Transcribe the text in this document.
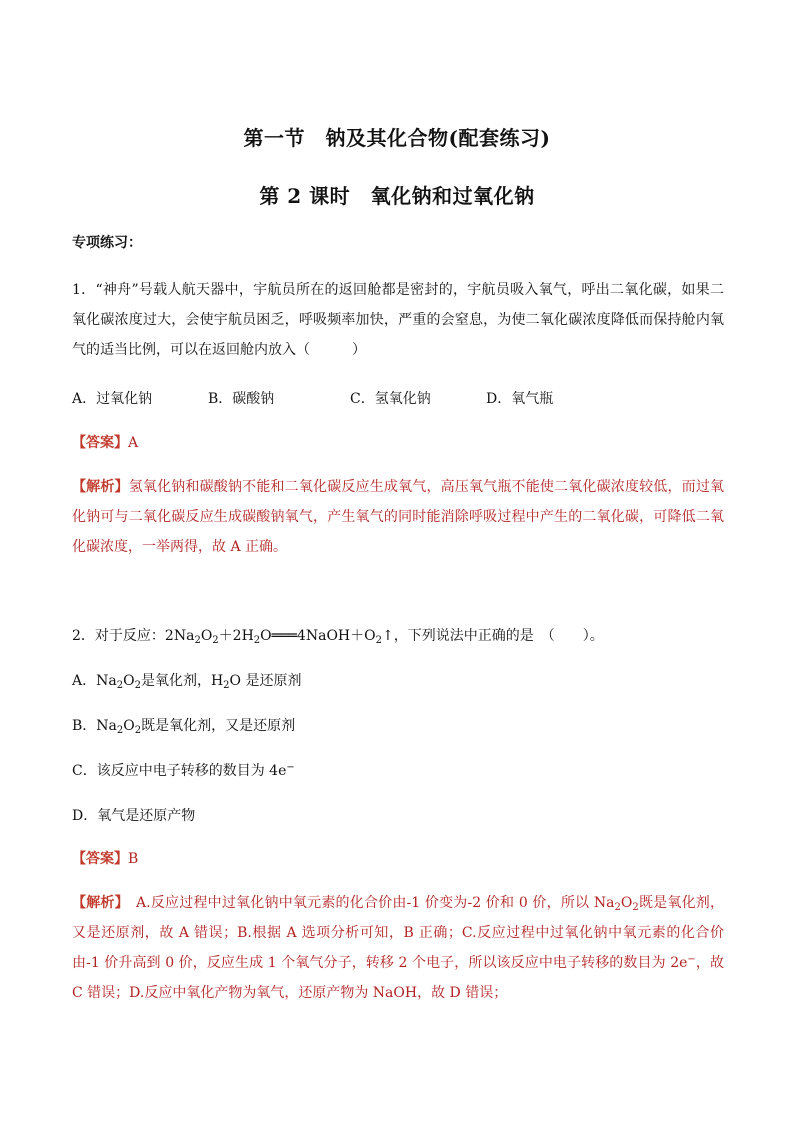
第一节　钠及其化合物(配套练习)
第 2 课时　氧化钠和过氧化钠
专项练习：
1．“神舟”号载人航天器中，宇航员所在的返回舱都是密封的，宇航员吸入氧气，呼出二氧化碳，如果二氧化碳浓度过大，会使宇航员困乏，呼吸频率加快，严重的会窒息，为使二氧化碳浓度降低而保持舱内氧气的适当比例，可以在返回舱内放入（　　　）
A．过氧化钠	B．碳酸钠	C．氢氧化钠	D．氧气瓶
【答案】A
【解析】氢氧化钠和碳酸钠不能和二氧化碳反应生成氧气，高压氧气瓶不能使二氧化碳浓度较低，而过氧化钠可与二氧化碳反应生成碳酸钠氧气，产生氧气的同时能消除呼吸过程中产生的二氧化碳，可降低二氧化碳浓度，一举两得，故 A 正确。
2．对于反应：$2Na_2O_2+2H_2O═══4NaOH+O_2↑$，下列说法中正确的是　（　　）。
A．$Na_2O_2$是氧化剂，$H_2O$ 是还原剂
B．$Na_2O_2$既是氧化剂，又是还原剂
C．该反应中电子转移的数目为 4e−
D．氧气是还原产物
【答案】B
【解析】　A.反应过程中过氧化钠中氧元素的化合价由-1 价变为-2 价和 0 价，所以 $Na_2O_2$既是氧化剂，又是还原剂，故 A 错误；B.根据 A 选项分析可知，B 正确；C.反应过程中过氧化钠中氧元素的化合价由-1 价升高到 0 价，反应生成 1 个氧气分子，转移 2 个电子，所以该反应中电子转移的数目为 2e−，故 C 错误；D.反应中氧化产物为氧气，还原产物为 NaOH，故 D 错误；
